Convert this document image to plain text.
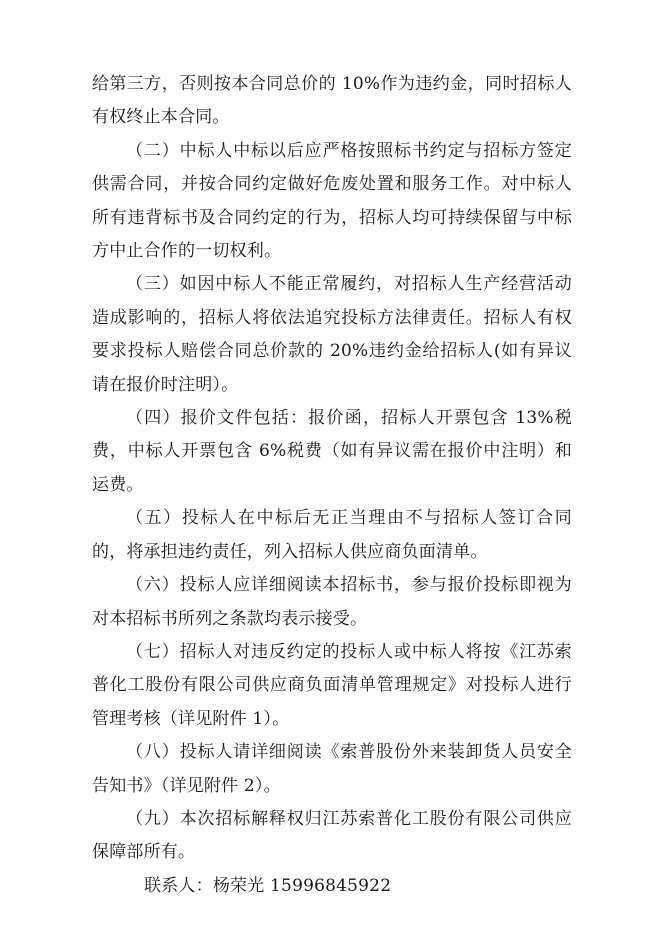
给第三方，否则按本合同总价的 10%作为违约金，同时招标人有权终止本合同。

（二）中标人中标以后应严格按照标书约定与招标方签定供需合同，并按合同约定做好危废处置和服务工作。对中标人所有违背标书及合同约定的行为，招标人均可持续保留与中标方中止合作的一切权利。

（三）如因中标人不能正常履约，对招标人生产经营活动造成影响的，招标人将依法追究投标方法律责任。招标人有权要求投标人赔偿合同总价款的 20%违约金给招标人(如有异议请在报价时注明）。

（四）报价文件包括：报价函，招标人开票包含 13%税费，中标人开票包含 6%税费（如有异议需在报价中注明）和运费。

（五）投标人在中标后无正当理由不与招标人签订合同的，将承担违约责任，列入招标人供应商负面清单。

（六）投标人应详细阅读本招标书，参与报价投标即视为对本招标书所列之条款均表示接受。

（七）招标人对违反约定的投标人或中标人将按《江苏索普化工股份有限公司供应商负面清单管理规定》对投标人进行管理考核（详见附件 1）。

（八）投标人请详细阅读《索普股份外来装卸货人员安全告知书》（详见附件 2）。

（九）本次招标解释权归江苏索普化工股份有限公司供应保障部所有。

联系人：杨荣光 15996845922
